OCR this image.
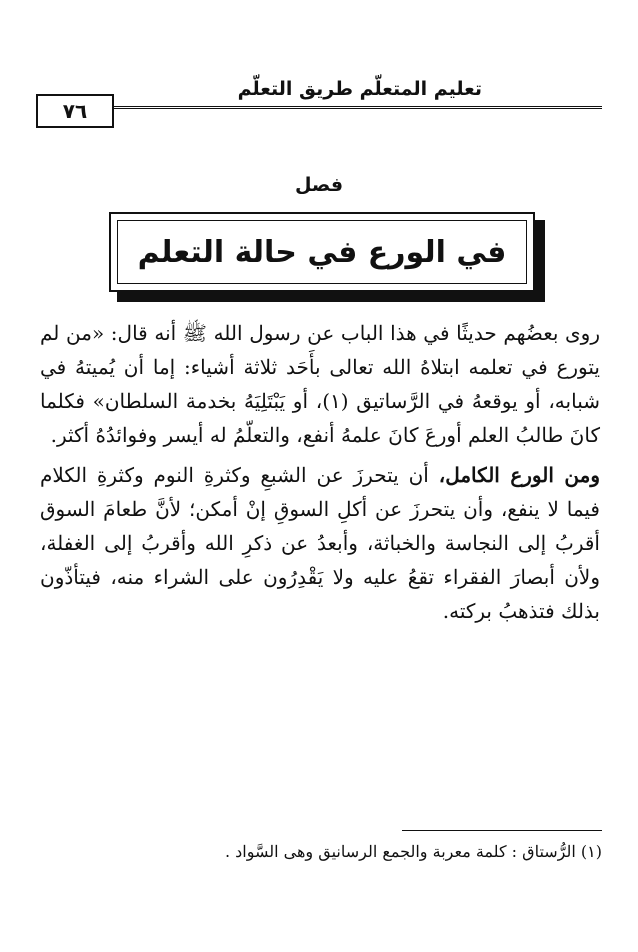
تعليم المتعلّم طريق التعلّم
٧٦
فصل
في الورع في حالة التعلم

روى بعضُهم حديثًا في هذا الباب عن رسول الله ﷺ أنه قال: «من لم يتورع في تعلمه ابتلاهُ الله تعالى بأَحَد ثلاثة أشياء: إما أن يُميتهُ في شبابه، أو يوقعهُ في الرَّساتيق (١)، أو يَبْتَلِيَهُ بخدمة السلطان» فكلما كانَ طالبُ العلم أورعَ كانَ علمهُ أنفع، والتعلّمُ له أيسر وفوائدُهُ أكثر.

ومن الورع الكامل، أن يتحرزَ عن الشبعِ وكثرةِ النوم وكثرةِ الكلام فيما لا ينفع، وأن يتحرزَ عن أكلِ السوقِ إنْ أمكن؛ لأنَّ طعامَ السوق أقربُ إلى النجاسة والخباثة، وأبعدُ عن ذكرِ الله وأقربُ إلى الغفلة، ولأن أبصارَ الفقراء تقعُ عليه ولا يَقْدِرُون على الشراء منه، فيتأذّون بذلك فتذهبُ بركته.

(١) الرُّستاق : كلمة معربة والجمع الرسانيق وهى السَّواد .
